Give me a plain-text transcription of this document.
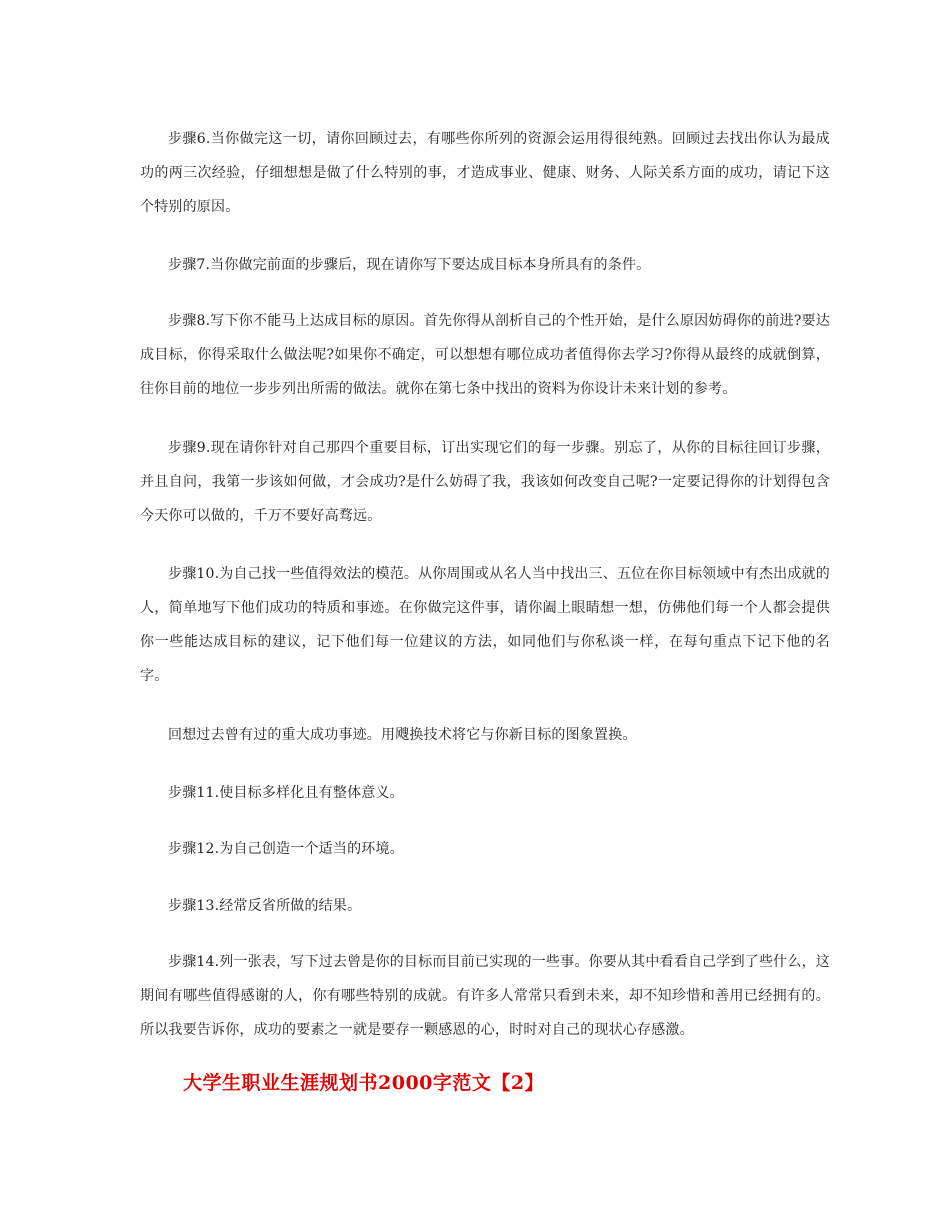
步骤6.当你做完这一切，请你回顾过去，有哪些你所列的资源会运用得很纯熟。回顾过去找出你认为最成功的两三次经验，仔细想想是做了什么特别的事，才造成事业、健康、财务、人际关系方面的成功，请记下这个特别的原因。

步骤7.当你做完前面的步骤后，现在请你写下要达成目标本身所具有的条件。

步骤8.写下你不能马上达成目标的原因。首先你得从剖析自己的个性开始，是什么原因妨碍你的前进?要达成目标，你得采取什么做法呢?如果你不确定，可以想想有哪位成功者值得你去学习?你得从最终的成就倒算，往你目前的地位一步步列出所需的做法。就你在第七条中找出的资料为你设计未来计划的参考。

步骤9.现在请你针对自己那四个重要目标，订出实现它们的每一步骤。别忘了，从你的目标往回订步骤，并且自问，我第一步该如何做，才会成功?是什么妨碍了我，我该如何改变自己呢?一定要记得你的计划得包含今天你可以做的，千万不要好高骛远。

步骤10.为自己找一些值得效法的模范。从你周围或从名人当中找出三、五位在你目标领域中有杰出成就的人，简单地写下他们成功的特质和事迹。在你做完这件事，请你阖上眼睛想一想，仿佛他们每一个人都会提供你一些能达成目标的建议，记下他们每一位建议的方法，如同他们与你私谈一样，在每句重点下记下他的名字。

回想过去曾有过的重大成功事迹。用飕换技术将它与你新目标的图象置换。

步骤11.使目标多样化且有整体意义。

步骤12.为自己创造一个适当的环境。

步骤13.经常反省所做的结果。

步骤14.列一张表，写下过去曾是你的目标而目前已实现的一些事。你要从其中看看自己学到了些什么，这期间有哪些值得感谢的人，你有哪些特别的成就。有许多人常常只看到未来，却不知珍惜和善用已经拥有的。所以我要告诉你，成功的要素之一就是要存一颗感恩的心，时时对自己的现状心存感激。

大学生职业生涯规划书2000字范文【2】
